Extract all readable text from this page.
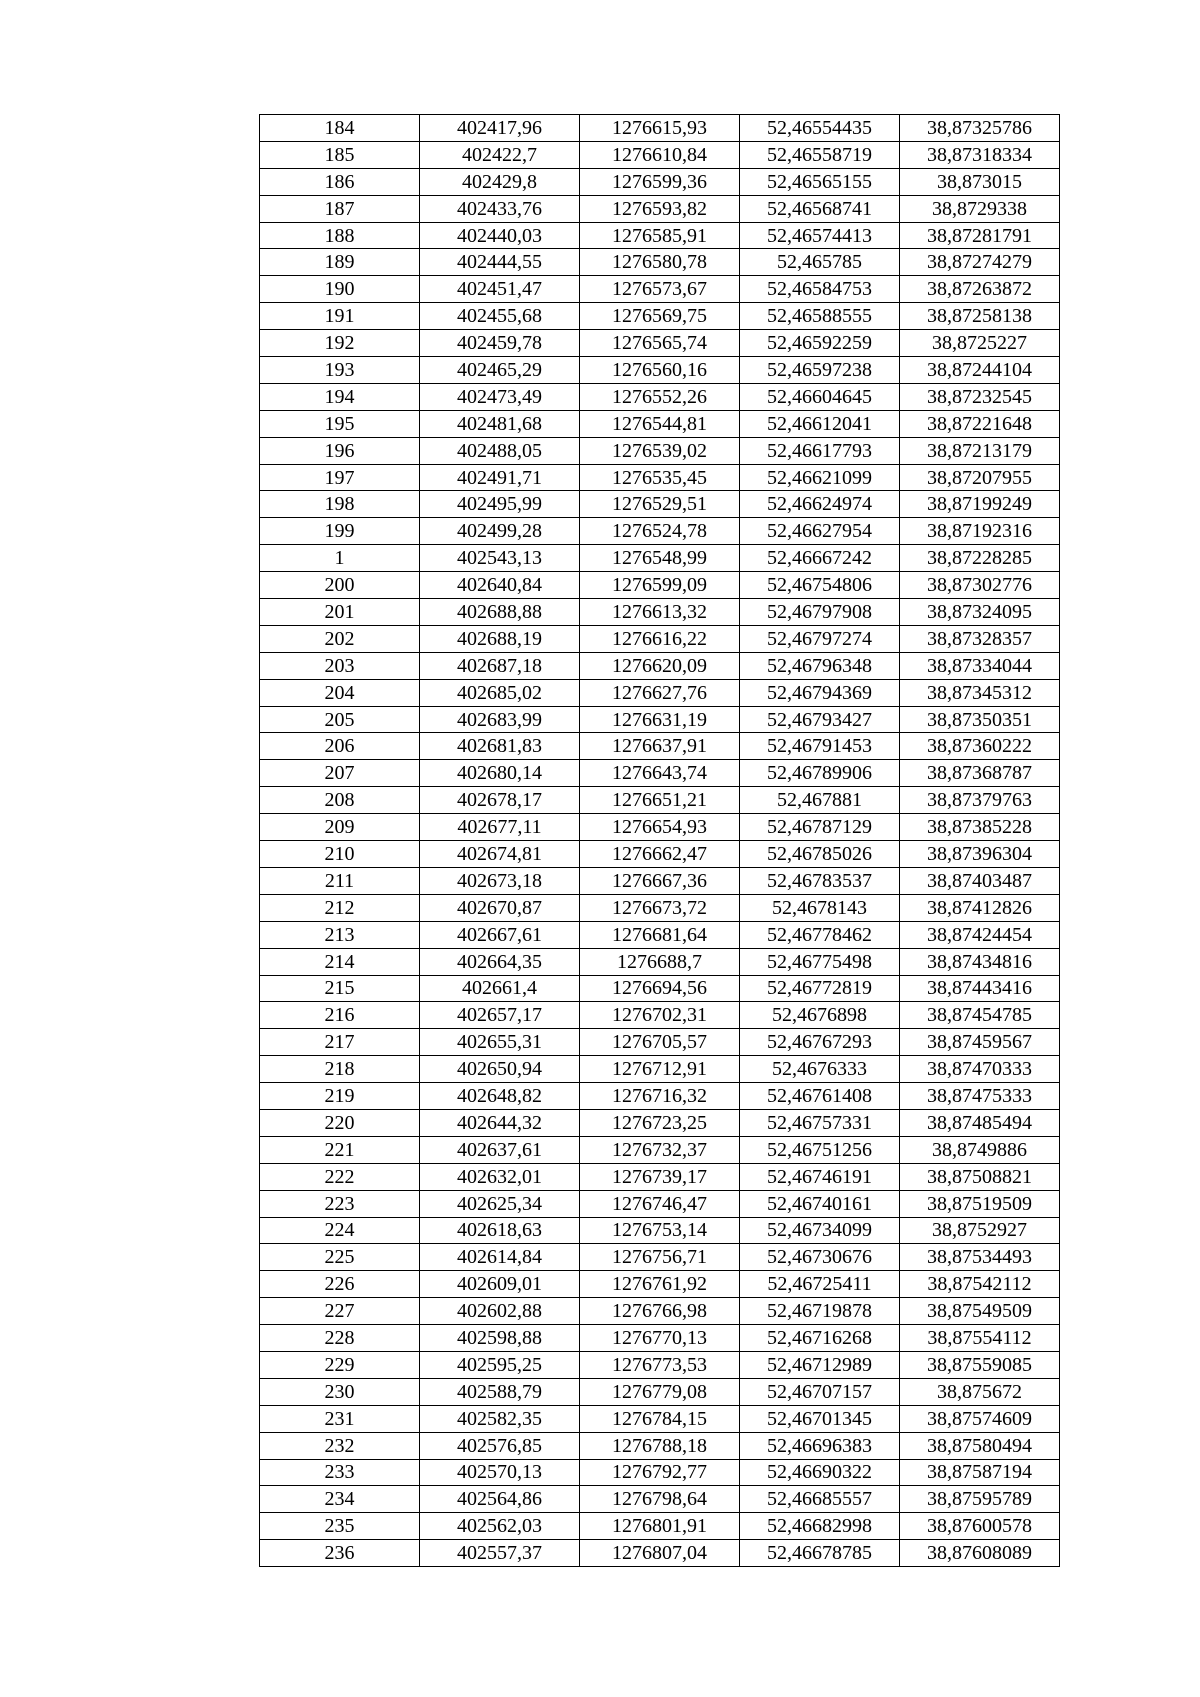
184	402417,96	1276615,93	52,46554435	38,87325786
185	402422,7	1276610,84	52,46558719	38,87318334
186	402429,8	1276599,36	52,46565155	38,873015
187	402433,76	1276593,82	52,46568741	38,8729338
188	402440,03	1276585,91	52,46574413	38,87281791
189	402444,55	1276580,78	52,465785	38,87274279
190	402451,47	1276573,67	52,46584753	38,87263872
191	402455,68	1276569,75	52,46588555	38,87258138
192	402459,78	1276565,74	52,46592259	38,8725227
193	402465,29	1276560,16	52,46597238	38,87244104
194	402473,49	1276552,26	52,46604645	38,87232545
195	402481,68	1276544,81	52,46612041	38,87221648
196	402488,05	1276539,02	52,46617793	38,87213179
197	402491,71	1276535,45	52,46621099	38,87207955
198	402495,99	1276529,51	52,46624974	38,87199249
199	402499,28	1276524,78	52,46627954	38,87192316
1	402543,13	1276548,99	52,46667242	38,87228285
200	402640,84	1276599,09	52,46754806	38,87302776
201	402688,88	1276613,32	52,46797908	38,87324095
202	402688,19	1276616,22	52,46797274	38,87328357
203	402687,18	1276620,09	52,46796348	38,87334044
204	402685,02	1276627,76	52,46794369	38,87345312
205	402683,99	1276631,19	52,46793427	38,87350351
206	402681,83	1276637,91	52,46791453	38,87360222
207	402680,14	1276643,74	52,46789906	38,87368787
208	402678,17	1276651,21	52,467881	38,87379763
209	402677,11	1276654,93	52,46787129	38,87385228
210	402674,81	1276662,47	52,46785026	38,87396304
211	402673,18	1276667,36	52,46783537	38,87403487
212	402670,87	1276673,72	52,4678143	38,87412826
213	402667,61	1276681,64	52,46778462	38,87424454
214	402664,35	1276688,7	52,46775498	38,87434816
215	402661,4	1276694,56	52,46772819	38,87443416
216	402657,17	1276702,31	52,4676898	38,87454785
217	402655,31	1276705,57	52,46767293	38,87459567
218	402650,94	1276712,91	52,4676333	38,87470333
219	402648,82	1276716,32	52,46761408	38,87475333
220	402644,32	1276723,25	52,46757331	38,87485494
221	402637,61	1276732,37	52,46751256	38,8749886
222	402632,01	1276739,17	52,46746191	38,87508821
223	402625,34	1276746,47	52,46740161	38,87519509
224	402618,63	1276753,14	52,46734099	38,8752927
225	402614,84	1276756,71	52,46730676	38,87534493
226	402609,01	1276761,92	52,46725411	38,87542112
227	402602,88	1276766,98	52,46719878	38,87549509
228	402598,88	1276770,13	52,46716268	38,87554112
229	402595,25	1276773,53	52,46712989	38,87559085
230	402588,79	1276779,08	52,46707157	38,875672
231	402582,35	1276784,15	52,46701345	38,87574609
232	402576,85	1276788,18	52,46696383	38,87580494
233	402570,13	1276792,77	52,46690322	38,87587194
234	402564,86	1276798,64	52,46685557	38,87595789
235	402562,03	1276801,91	52,46682998	38,87600578
236	402557,37	1276807,04	52,46678785	38,87608089
